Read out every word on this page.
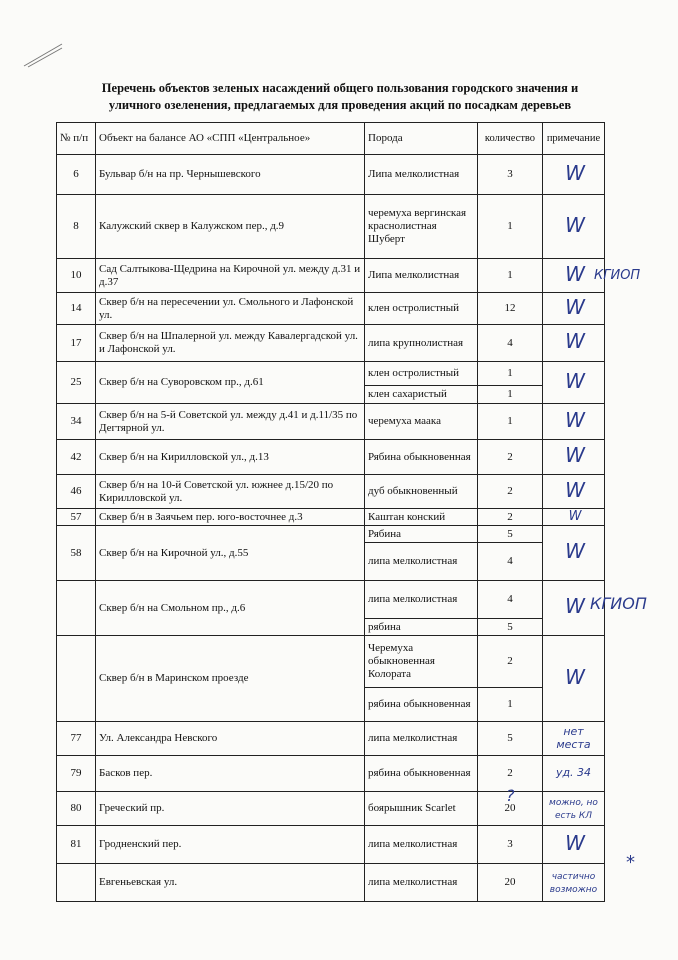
Перечень объектов зеленых насаждений общего пользования городского значения и
уличного озеленения, предлагаемых для проведения акций по посадкам деревьев
№ п/п	Объект на балансе АО «СПП «Центральное»	Порода	количество	примечание
6	Бульвар б/н на пр. Чернышевского	Липа мелколистная	3	W
8	Калужский сквер в Калужском пер., д.9	черемуха вергинская краснолистная Шуберт	1	W
10	Сад Салтыкова-Щедрина на Кирочной ул. между д.31 и д.37	Липа мелколистная	1	W
14	Сквер б/н на пересечении ул. Смольного и Лафонской ул.	клен остролистный	12	W
17	Сквер б/н на Шпалерной ул. между Кавалергадской ул. и Лафонской ул.	липа крупнолистная	4	W
25	Сквер б/н на Суворовском пр., д.61	клен остролистный	1	W
		клен сахаристый	1	
34	Сквер б/н на 5-й Советской ул. между д.41 и д.11/35 по Дегтярной ул.	черемуха маака	1	W
42	Сквер б/н на Кирилловской ул., д.13	Рябина обыкновенная	2	W
46	Сквер б/н на 10-й Советской ул. южнее д.15/20 по Кирилловской ул.	дуб обыкновенный	2	W
57	Сквер б/н в Заячьем пер. юго-восточнее д.3	Каштан конский	2	W
58	Сквер б/н на Кирочной ул., д.55	Рябина	5	W
		липа мелколистная	4	
	Сквер б/н на Смольном пр., д.6	липа мелколистная	4	W
		рябина	5	
	Сквер б/н в Маринском проезде	Черемуха обыкновенная Колората	2	W
		рябина обыкновенная	1	
77	Ул. Александра Невского	липа мелколистная	5	нет места
79	Басков пер.	рябина обыкновенная	2	уд. 34
80	Греческий пр.	боярышник Scarlet	20	можно, но есть КЛ
81	Гродненский пер.	липа мелколистная	3	W
	Евгеньевская ул.	липа мелколистная	20	частично возможно
КГИОП
КГИОП
?
*
